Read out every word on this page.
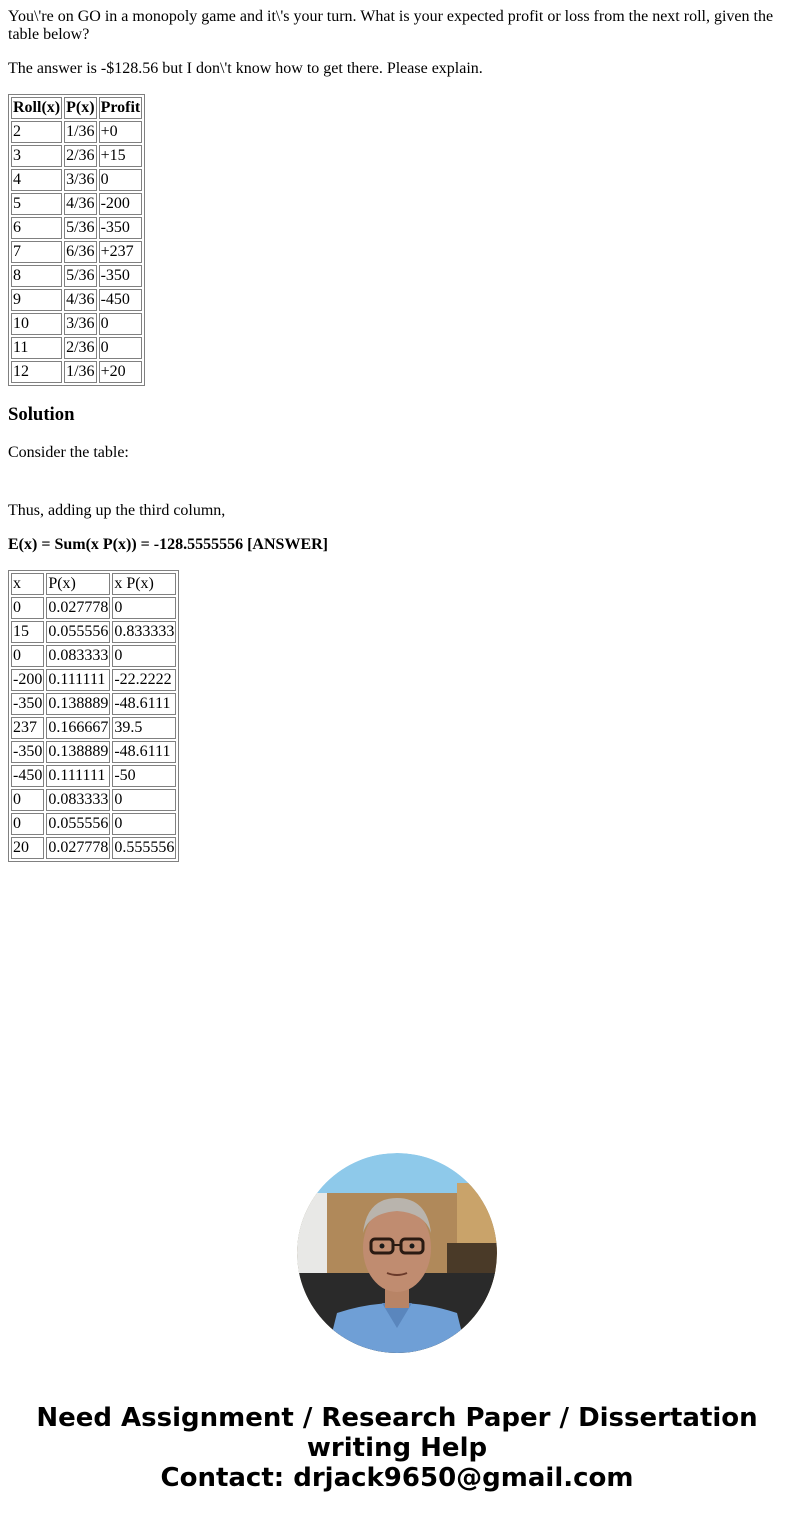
You\'re on GO in a monopoly game and it\'s your turn. What is your expected profit or loss from the next roll, given the table below?

The answer is -$128.56 but I don\'t know how to get there. Please explain.

Roll(x)	P(x)	Profit
2	1/36	+0
3	2/36	+15
4	3/36	0
5	4/36	-200
6	5/36	-350
7	6/36	+237
8	5/36	-350
9	4/36	-450
10	3/36	0
11	2/36	0
12	1/36	+20
Solution

Consider the table:

Thus, adding up the third column,

E(x) = Sum(x P(x)) = -128.5555556 [ANSWER]

x	P(x)	x P(x)
0	0.027778	0
15	0.055556	0.833333
0	0.083333	0
-200	0.111111	-22.2222
-350	0.138889	-48.6111
237	0.166667	39.5
-350	0.138889	-48.6111
-450	0.111111	-50
0	0.083333	0
0	0.055556	0
20	0.027778	0.555556
Need Assignment / Research Paper / Dissertation
writing Help
Contact: drjack9650@gmail.com
